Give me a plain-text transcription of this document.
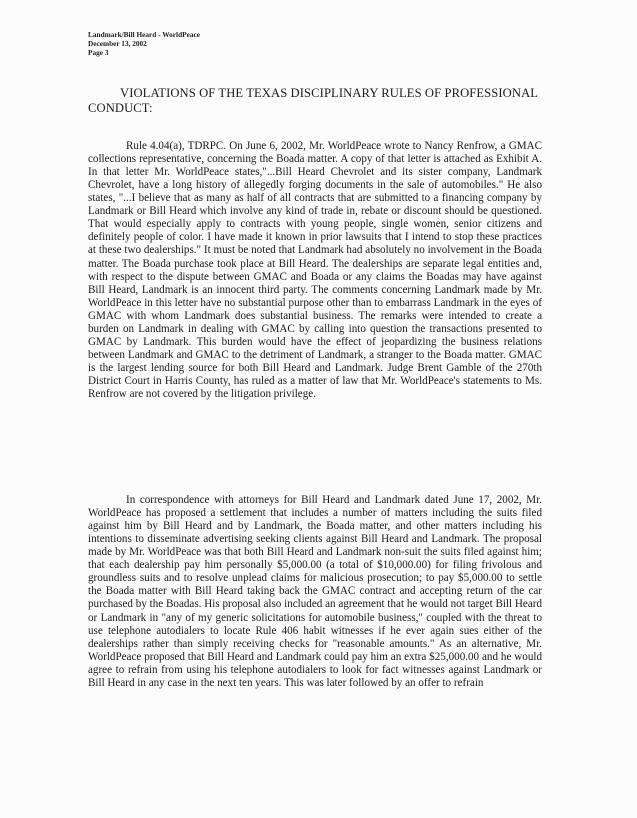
Landmark/Bill Heard - WorldPeace
December 13, 2002
Page 3
VIOLATIONS OF THE TEXAS DISCIPLINARY RULES OF PROFESSIONAL
CONDUCT:

Rule 4.04(a), TDRPC. On June 6, 2002, Mr. WorldPeace wrote to Nancy Renfrow, a GMAC collections representative, concerning the Boada matter. A copy of that letter is attached as Exhibit A. In that letter Mr. WorldPeace states,"...Bill Heard Chevrolet and its sister company, Landmark Chevrolet, have a long history of allegedly forging documents in the sale of automobiles." He also states, "...I believe that as many as half of all contracts that are submitted to a financing company by Landmark or Bill Heard which involve any kind of trade in, rebate or discount should be questioned. That would especially apply to contracts with young people, single women, senior citizens and definitely people of color. I have made it known in prior lawsuits that I intend to stop these practices at these two dealerships." It must be noted that Landmark had absolutely no involvement in the Boada matter. The Boada purchase took place at Bill Heard. The dealerships are separate legal entities and, with respect to the dispute between GMAC and Boada or any claims the Boadas may have against Bill Heard, Landmark is an innocent third party. The comments concerning Landmark made by Mr. WorldPeace in this letter have no substantial purpose other than to embarrass Landmark in the eyes of GMAC with whom Landmark does substantial business. The remarks were intended to create a burden on Landmark in dealing with GMAC by calling into question the transactions presented to GMAC by Landmark. This burden would have the effect of jeopardizing the business relations between Landmark and GMAC to the detriment of Landmark, a stranger to the Boada matter. GMAC is the largest lending source for both Bill Heard and Landmark. Judge Brent Gamble of the 270th District Court in Harris County, has ruled as a matter of law that Mr. WorldPeace's statements to Ms. Renfrow are not covered by the litigation privilege.

In correspondence with attorneys for Bill Heard and Landmark dated June 17, 2002, Mr. WorldPeace has proposed a settlement that includes a number of matters including the suits filed against him by Bill Heard and by Landmark, the Boada matter, and other matters including his intentions to disseminate advertising seeking clients against Bill Heard and Landmark. The proposal made by Mr. WorldPeace was that both Bill Heard and Landmark non-suit the suits filed against him; that each dealership pay him personally $5,000.00 (a total of $10,000.00) for filing frivolous and groundless suits and to resolve unplead claims for malicious prosecution; to pay $5,000.00 to settle the Boada matter with Bill Heard taking back the GMAC contract and accepting return of the car purchased by the Boadas. His proposal also included an agreement that he would not target Bill Heard or Landmark in "any of my generic solicitations for automobile business," coupled with the threat to use telephone autodialers to locate Rule 406 habit witnesses if he ever again sues either of the dealerships rather than simply receiving checks for "reasonable amounts." As an alternative, Mr. WorldPeace proposed that Bill Heard and Landmark could pay him an extra $25,000.00 and he would agree to refrain from using his telephone autodialers to look for fact witnesses against Landmark or Bill Heard in any case in the next ten years. This was later followed by an offer to refrain
